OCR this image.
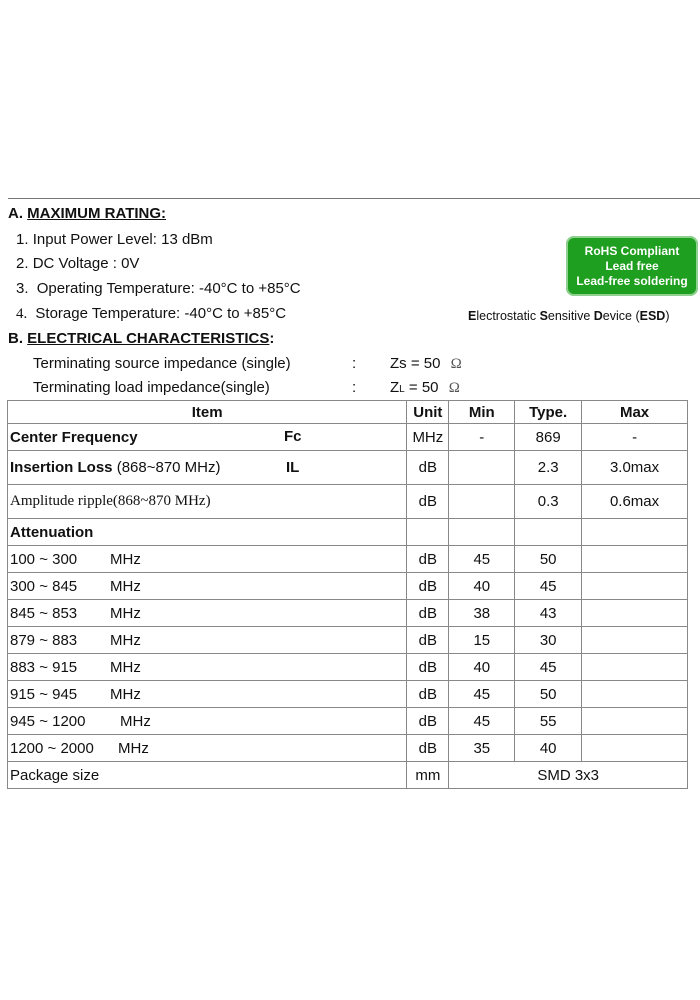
A. MAXIMUM RATING:
1. Input Power Level: 13 dBm
2. DC Voltage : 0V
3. Operating Temperature: -40°C to +85°C
4. Storage Temperature: -40°C to +85°C
RoHS Compliant
Lead free
Lead-free soldering
Electrostatic Sensitive Device (ESD)
B. ELECTRICAL CHARACTERISTICS:
Terminating source impedance (single)	: Zs = 50 Ω
Terminating load impedance(single)	: ZL = 50 Ω
Item	Unit	Min	Type.	Max
Center Frequency Fc	MHz	-	869	-
Insertion Loss (868~870 MHz) IL	dB		2.3	3.0max
Amplitude ripple(868~870 MHz)	dB		0.3	0.6max
Attenuation				
100 ~ 300 MHz	dB	45	50	
300 ~ 845 MHz	dB	40	45	
845 ~ 853 MHz	dB	38	43	
879 ~ 883 MHz	dB	15	30	
883 ~ 915 MHz	dB	40	45	
915 ~ 945 MHz	dB	45	50	
945 ~ 1200 MHz	dB	45	55	
1200 ~ 2000 MHz	dB	35	40	
Package size	mm	SMD 3x3		
